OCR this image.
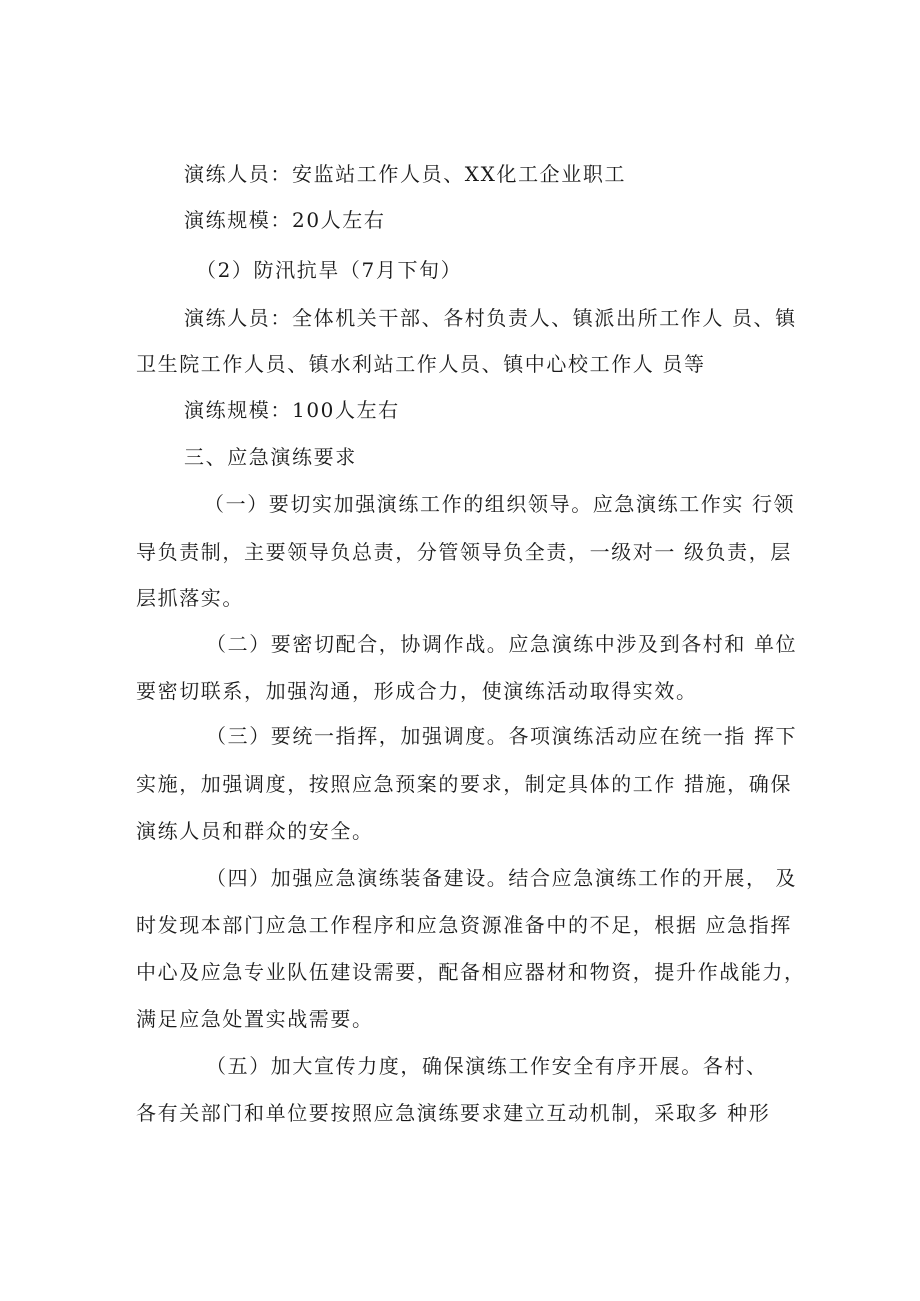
演练人员：安监站工作人员、XX化工企业职工
演练规模：20人左右
（2）防汛抗旱（7月下旬）
演练人员：全体机关干部、各村负责人、镇派出所工作人 员、镇
卫生院工作人员、镇水利站工作人员、镇中心校工作人 员等
演练规模：100人左右
三、应急演练要求
（一）要切实加强演练工作的组织领导。应急演练工作实 行领
导负责制，主要领导负总责，分管领导负全责，一级对一 级负责，层
层抓落实。
（二）要密切配合，协调作战。应急演练中涉及到各村和 单位
要密切联系，加强沟通，形成合力，使演练活动取得实效。
（三）要统一指挥，加强调度。各项演练活动应在统一指 挥下
实施，加强调度，按照应急预案的要求，制定具体的工作 措施，确保
演练人员和群众的安全。
（四）加强应急演练装备建设。结合应急演练工作的开展， 及
时发现本部门应急工作程序和应急资源准备中的不足，根据 应急指挥
中心及应急专业队伍建设需要，配备相应器材和物资，提升作战能力，
满足应急处置实战需要。
（五）加大宣传力度，确保演练工作安全有序开展。各村、
各有关部门和单位要按照应急演练要求建立互动机制，采取多 种形
